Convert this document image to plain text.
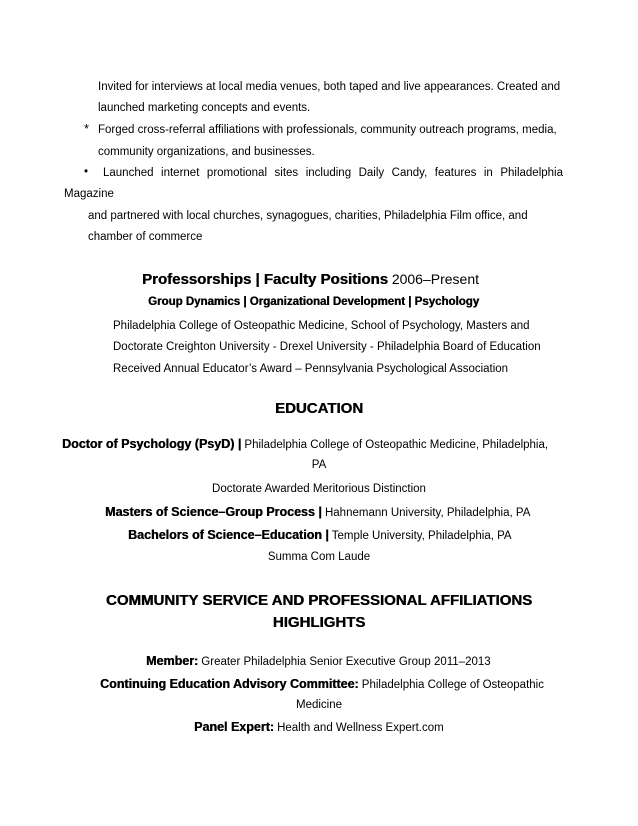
Invited for interviews at local media venues, both taped and live appearances. Created and
launched marketing concepts and events.
* Forged cross-referral affiliations with professionals, community outreach programs, media,
community organizations, and businesses.
• Launched internet promotional sites including Daily Candy, features in Philadelphia
Magazine
and partnered with local churches, synagogues, charities, Philadelphia Film office, and
chamber of commerce
Professorships | Faculty Positions 2006–Present
Group Dynamics | Organizational Development | Psychology
Philadelphia College of Osteopathic Medicine, School of Psychology, Masters and
Doctorate Creighton University - Drexel University - Philadelphia Board of Education
Received Annual Educator’s Award – Pennsylvania Psychological Association
EDUCATION
Doctor of Psychology (PsyD) | Philadelphia College of Osteopathic Medicine, Philadelphia,
PA
Doctorate Awarded Meritorious Distinction
Masters of Science–Group Process | Hahnemann University, Philadelphia, PA
Bachelors of Science–Education | Temple University, Philadelphia, PA
Summa Com Laude
COMMUNITY SERVICE AND PROFESSIONAL AFFILIATIONS
HIGHLIGHTS
Member: Greater Philadelphia Senior Executive Group 2011–2013
Continuing Education Advisory Committee: Philadelphia College of Osteopathic
Medicine
Panel Expert: Health and Wellness Expert.com
